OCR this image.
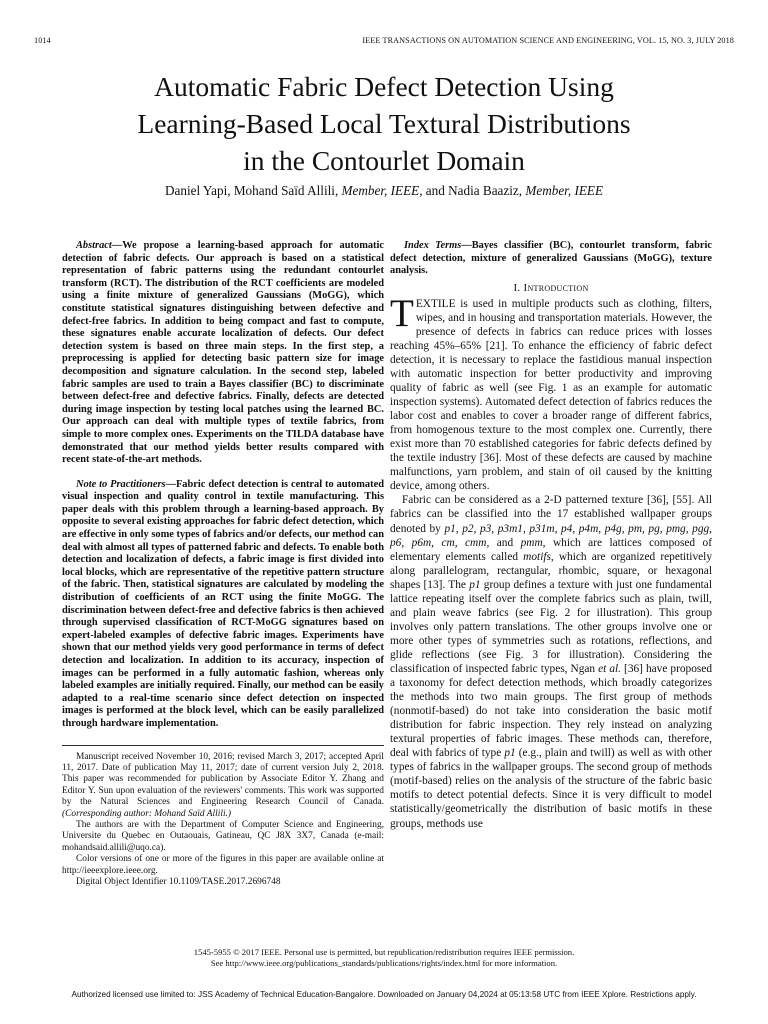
1014	IEEE TRANSACTIONS ON AUTOMATION SCIENCE AND ENGINEERING, VOL. 15, NO. 3, JULY 2018
Automatic Fabric Defect Detection Using
Learning-Based Local Textural Distributions
in the Contourlet Domain
Daniel Yapi, Mohand Saïd Allili, Member, IEEE, and Nadia Baaziz, Member, IEEE

Abstract—We propose a learning-based approach for automatic detection of fabric defects. Our approach is based on a statistical representation of fabric patterns using the redundant contourlet transform (RCT). The distribution of the RCT coefficients are modeled using a finite mixture of generalized Gaussians (MoGG), which constitute statistical signatures distinguishing between defective and defect-free fabrics. In addition to being compact and fast to compute, these signatures enable accurate localization of defects. Our defect detection system is based on three main steps. In the first step, a preprocessing is applied for detecting basic pattern size for image decomposition and signature calculation. In the second step, labeled fabric samples are used to train a Bayes classifier (BC) to discriminate between defect-free and defective fabrics. Finally, defects are detected during image inspection by testing local patches using the learned BC. Our approach can deal with multiple types of textile fabrics, from simple to more complex ones. Experiments on the TILDA database have demonstrated that our method yields better results compared with recent state-of-the-art methods.

Note to Practitioners—Fabric defect detection is central to automated visual inspection and quality control in textile manufacturing. This paper deals with this problem through a learning-based approach. By opposite to several existing approaches for fabric defect detection, which are effective in only some types of fabrics and/or defects, our method can deal with almost all types of patterned fabric and defects. To enable both detection and localization of defects, a fabric image is first divided into local blocks, which are representative of the repetitive pattern structure of the fabric. Then, statistical signatures are calculated by modeling the distribution of coefficients of an RCT using the finite MoGG. The discrimination between defect-free and defective fabrics is then achieved through supervised classification of RCT-MoGG signatures based on expert-labeled examples of defective fabric images. Experiments have shown that our method yields very good performance in terms of defect detection and localization. In addition to its accuracy, inspection of images can be performed in a fully automatic fashion, whereas only labeled examples are initially required. Finally, our method can be easily adapted to a real-time scenario since defect detection on inspected images is performed at the block level, which can be easily parallelized through hardware implementation.

Manuscript received November 10, 2016; revised March 3, 2017; accepted April 11, 2017. Date of publication May 11, 2017; date of current version July 2, 2018. This paper was recommended for publication by Associate Editor Y. Zhang and Editor Y. Sun upon evaluation of the reviewers' comments. This work was supported by the Natural Sciences and Engineering Research Council of Canada. (Corresponding author: Mohand Saïd Allili.)

The authors are with the Department of Computer Science and Engineering, Universite du Quebec en Outaouais, Gatineau, QC J8X 3X7, Canada (e-mail: mohandsaid.allili@uqo.ca).

Color versions of one or more of the figures in this paper are available online at http://ieeexplore.ieee.org.

Digital Object Identifier 10.1109/TASE.2017.2696748

Index Terms—Bayes classifier (BC), contourlet transform, fabric defect detection, mixture of generalized Gaussians (MoGG), texture analysis.

I. Introduction

TEXTILE is used in multiple products such as clothing, filters, wipes, and in housing and transportation materials. However, the presence of defects in fabrics can reduce prices with losses reaching 45%–65% [21]. To enhance the efficiency of fabric defect detection, it is necessary to replace the fastidious manual inspection with automatic inspection for better productivity and improving quality of fabric as well (see Fig. 1 as an example for automatic inspection systems). Automated defect detection of fabrics reduces the labor cost and enables to cover a broader range of different fabrics, from homogenous texture to the most complex one. Currently, there exist more than 70 established categories for fabric defects defined by the textile industry [36]. Most of these defects are caused by machine malfunctions, yarn problem, and stain of oil caused by the knitting device, among others.

Fabric can be considered as a 2-D patterned texture [36], [55]. All fabrics can be classified into the 17 established wallpaper groups denoted by p1, p2, p3, p3m1, p31m, p4, p4m, p4g, pm, pg, pmg, pgg, p6, p6m, cm, cmm, and pmm, which are lattices composed of elementary elements called motifs, which are organized repetitively along parallelogram, rectangular, rhombic, square, or hexagonal shapes [13]. The p1 group defines a texture with just one fundamental lattice repeating itself over the complete fabrics such as plain, twill, and plain weave fabrics (see Fig. 2 for illustration). This group involves only pattern translations. The other groups involve one or more other types of symmetries such as rotations, reflections, and glide reflections (see Fig. 3 for illustration). Considering the classification of inspected fabric types, Ngan et al. [36] have proposed a taxonomy for defect detection methods, which broadly categorizes the methods into two main groups. The first group of methods (nonmotif-based) do not take into consideration the basic motif distribution for fabric inspection. They rely instead on analyzing textural properties of fabric images. These methods can, therefore, deal with fabrics of type p1 (e.g., plain and twill) as well as with other types of fabrics in the wallpaper groups. The second group of methods (motif-based) relies on the analysis of the structure of the fabric basic motifs to detect potential defects. Since it is very difficult to model statistically/geometrically the distribution of basic motifs in these groups, methods use

1545-5955 © 2017 IEEE. Personal use is permitted, but republication/redistribution requires IEEE permission.
See http://www.ieee.org/publications_standards/publications/rights/index.html for more information.
Authorized licensed use limited to: JSS Academy of Technical Education-Bangalore. Downloaded on January 04,2024 at 05:13:58 UTC from IEEE Xplore. Restrictions apply.
